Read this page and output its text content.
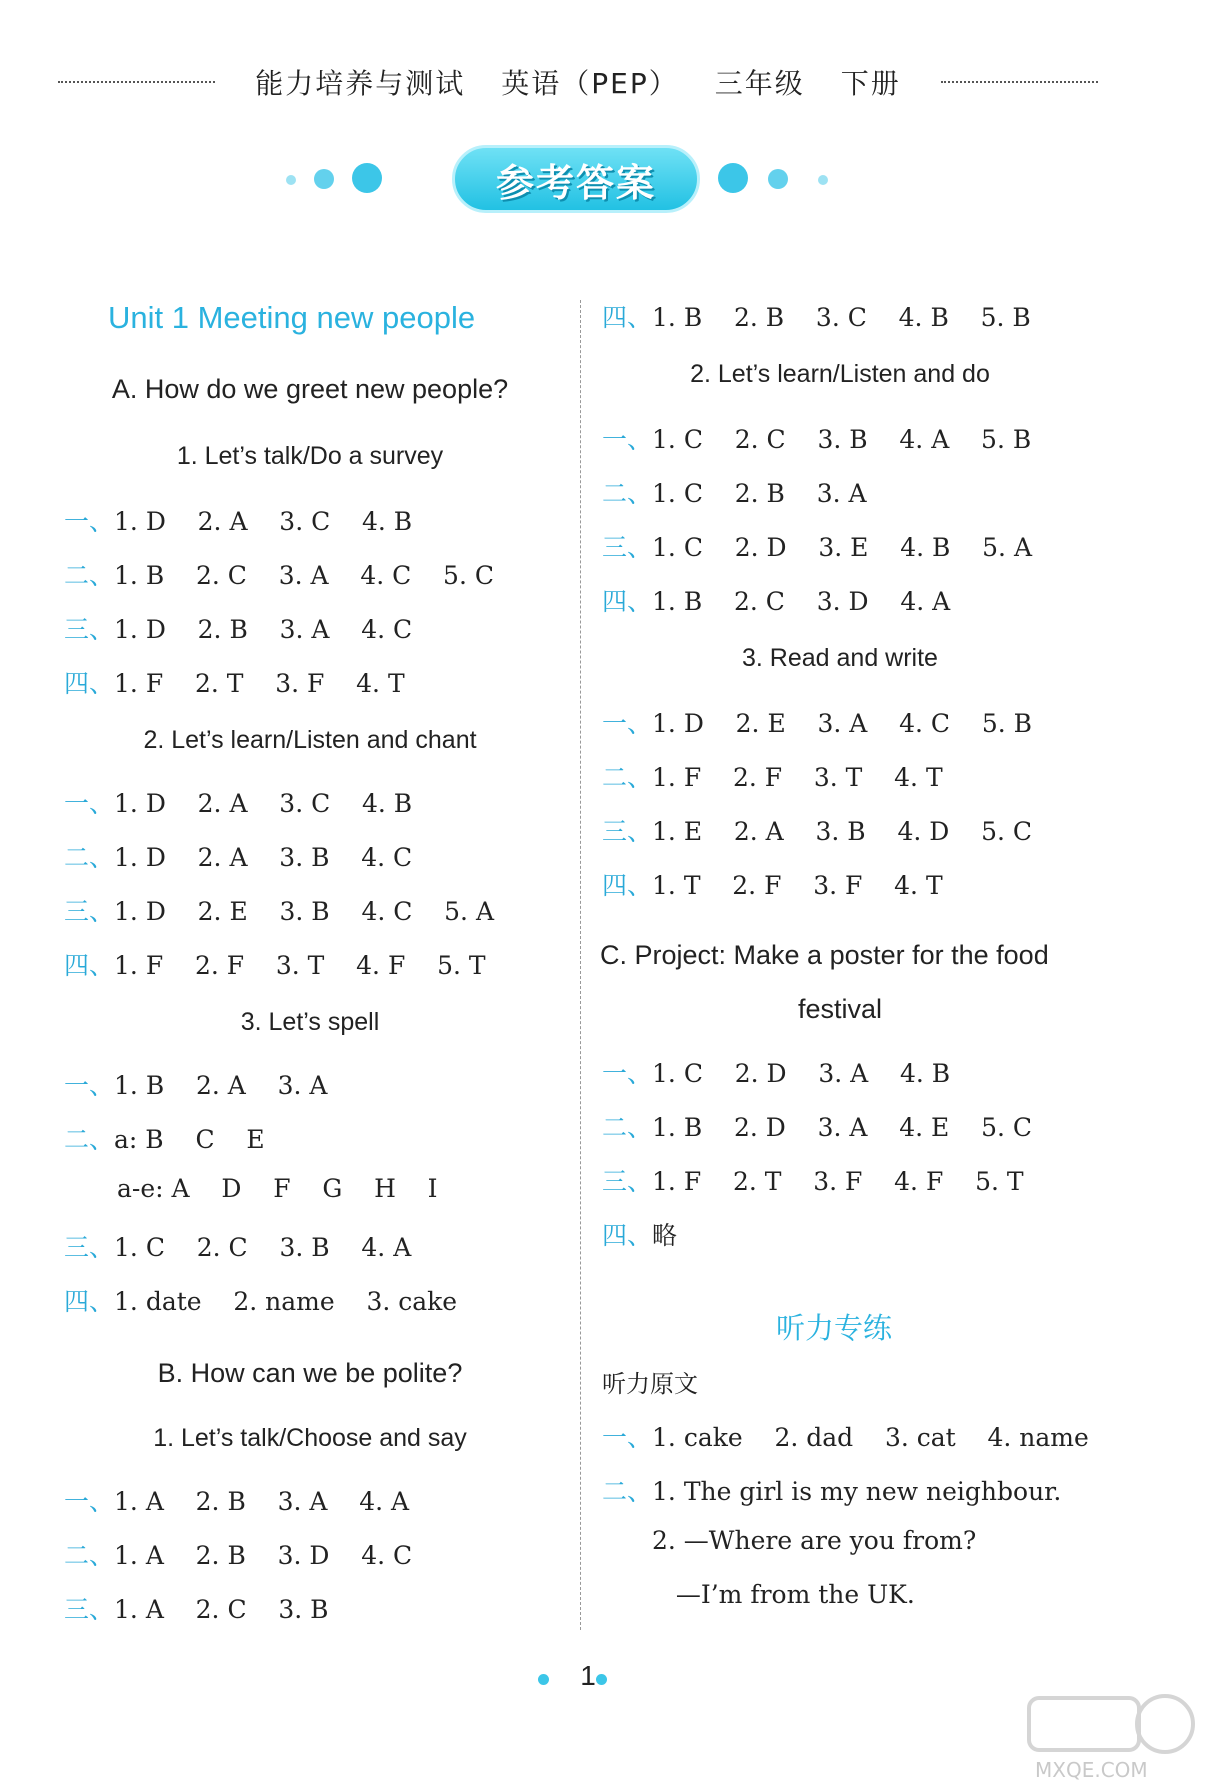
能力培养与测试 英语（PEP） 三年级 下册
参考答案
Unit 1 Meeting new people
A. How do we greet new people?
1. Let’s talk/Do a survey
一、1. D    2. A    3. C    4. B
二、1. B    2. C    3. A    4. C    5. C
三、1. D    2. B    3. A    4. C
四、1. F    2. T    3. F    4. T
2. Let’s learn/Listen and chant
一、1. D    2. A    3. C    4. B
二、1. D    2. A    3. B    4. C
三、1. D    2. E    3. B    4. C    5. A
四、1. F    2. F    3. T    4. F    5. T
3. Let’s spell
一、1. B    2. A    3. A
二、a: B    C    E
a-e: A    D    F    G    H    I
三、1. C    2. C    3. B    4. A
四、1. date    2. name    3. cake
B. How can we be polite?
1. Let’s talk/Choose and say
一、1. A    2. B    3. A    4. A
二、1. A    2. B    3. D    4. C
三、1. A    2. C    3. B
四、1. B    2. B    3. C    4. B    5. B
2. Let’s learn/Listen and do
一、1. C    2. C    3. B    4. A    5. B
二、1. C    2. B    3. A
三、1. C    2. D    3. E    4. B    5. A
四、1. B    2. C    3. D    4. A
3. Read and write
一、1. D    2. E    3. A    4. C    5. B
二、1. F    2. F    3. T    4. T
三、1. E    2. A    3. B    4. D    5. C
四、1. T    2. F    3. F    4. T
C. Project: Make a poster for the food
festival
一、1. C    2. D    3. A    4. B
二、1. B    2. D    3. A    4. E    5. C
三、1. F    2. T    3. F    4. F    5. T
四、略
听力专练
听力原文
一、1. cake    2. dad    3. cat    4. name
二、1. The girl is my new neighbour.
2. —Where are you from?
—I’m from the UK.
1
MXQE.COM
